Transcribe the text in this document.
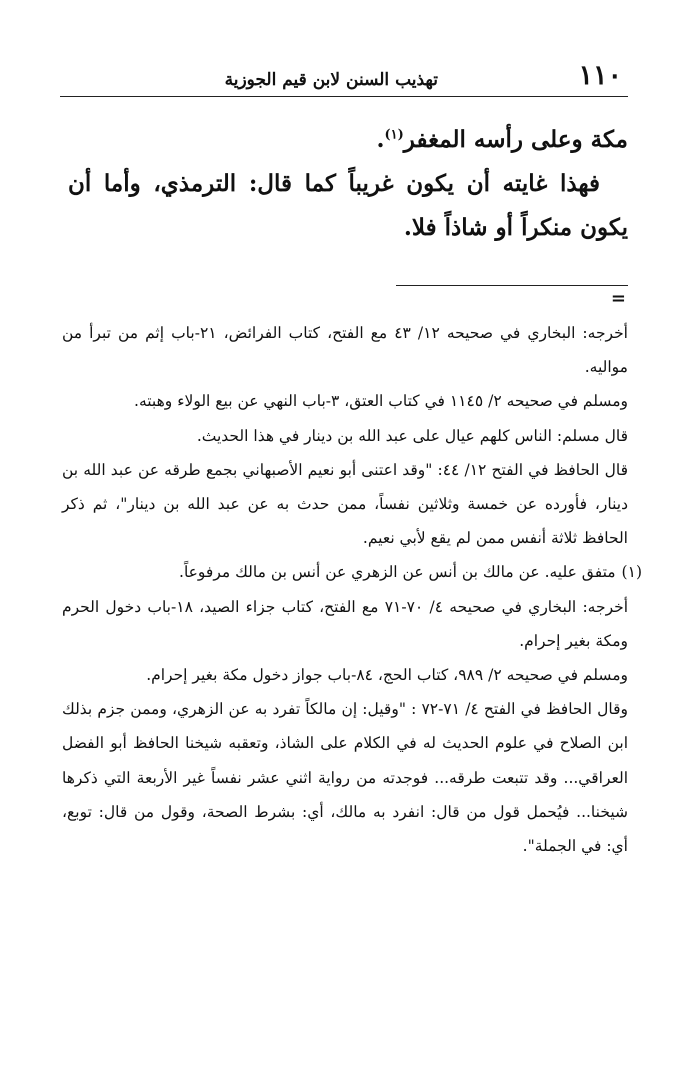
١١٠
تهذيب السنن لابن قيم الجوزية

مكة وعلى رأسه المغفر$^{(١)}$.

فهذا غايته أن يكون غريباً كما قال: الترمذي، وأما أن يكون منكراً أو شاذاً فلا.

=

أخرجه: البخاري في صحيحه ١٢/ ٤٣ مع الفتح، كتاب الفرائض، ٢١-باب إثم من تبرأ من مواليه.

ومسلم في صحيحه ٢/ ١١٤٥ في كتاب العتق، ٣-باب النهي عن بيع الولاء وهبته.

قال مسلم: الناس كلهم عيال على عبد الله بن دينار في هذا الحديث.

قال الحافظ في الفتح ١٢/ ٤٤: "وقد اعتنى أبو نعيم الأصبهاني بجمع طرقه عن عبد الله بن دينار، فأورده عن خمسة وثلاثين نفساً، ممن حدث به عن عبد الله بن دينار"، ثم ذكر الحافظ ثلاثة أنفس ممن لم يقع لأبي نعيم.

(١)متفق عليه. عن مالك بن أنس عن الزهري عن أنس بن مالك مرفوعاً.

أخرجه: البخاري في صحيحه ٤/ ٧٠-٧١ مع الفتح، كتاب جزاء الصيد، ١٨-باب دخول الحرم ومكة بغير إحرام.

ومسلم في صحيحه ٢/ ٩٨٩، كتاب الحج، ٨٤-باب جواز دخول مكة بغير إحرام.

وقال الحافظ في الفتح ٤/ ٧١-٧٢ : "وقيل: إن مالكاً تفرد به عن الزهري، وممن جزم بذلك ابن الصلاح في علوم الحديث له في الكلام على الشاذ، وتعقبه شيخنا الحافظ أبو الفضل العراقي... وقد تتبعت طرقه... فوجدته من رواية اثني عشر نفساً غير الأربعة التي ذكرها شيخنا... فيُحمل قول من قال: انفرد به مالك، أي: بشرط الصحة، وقول من قال: توبع، أي: في الجملة".
